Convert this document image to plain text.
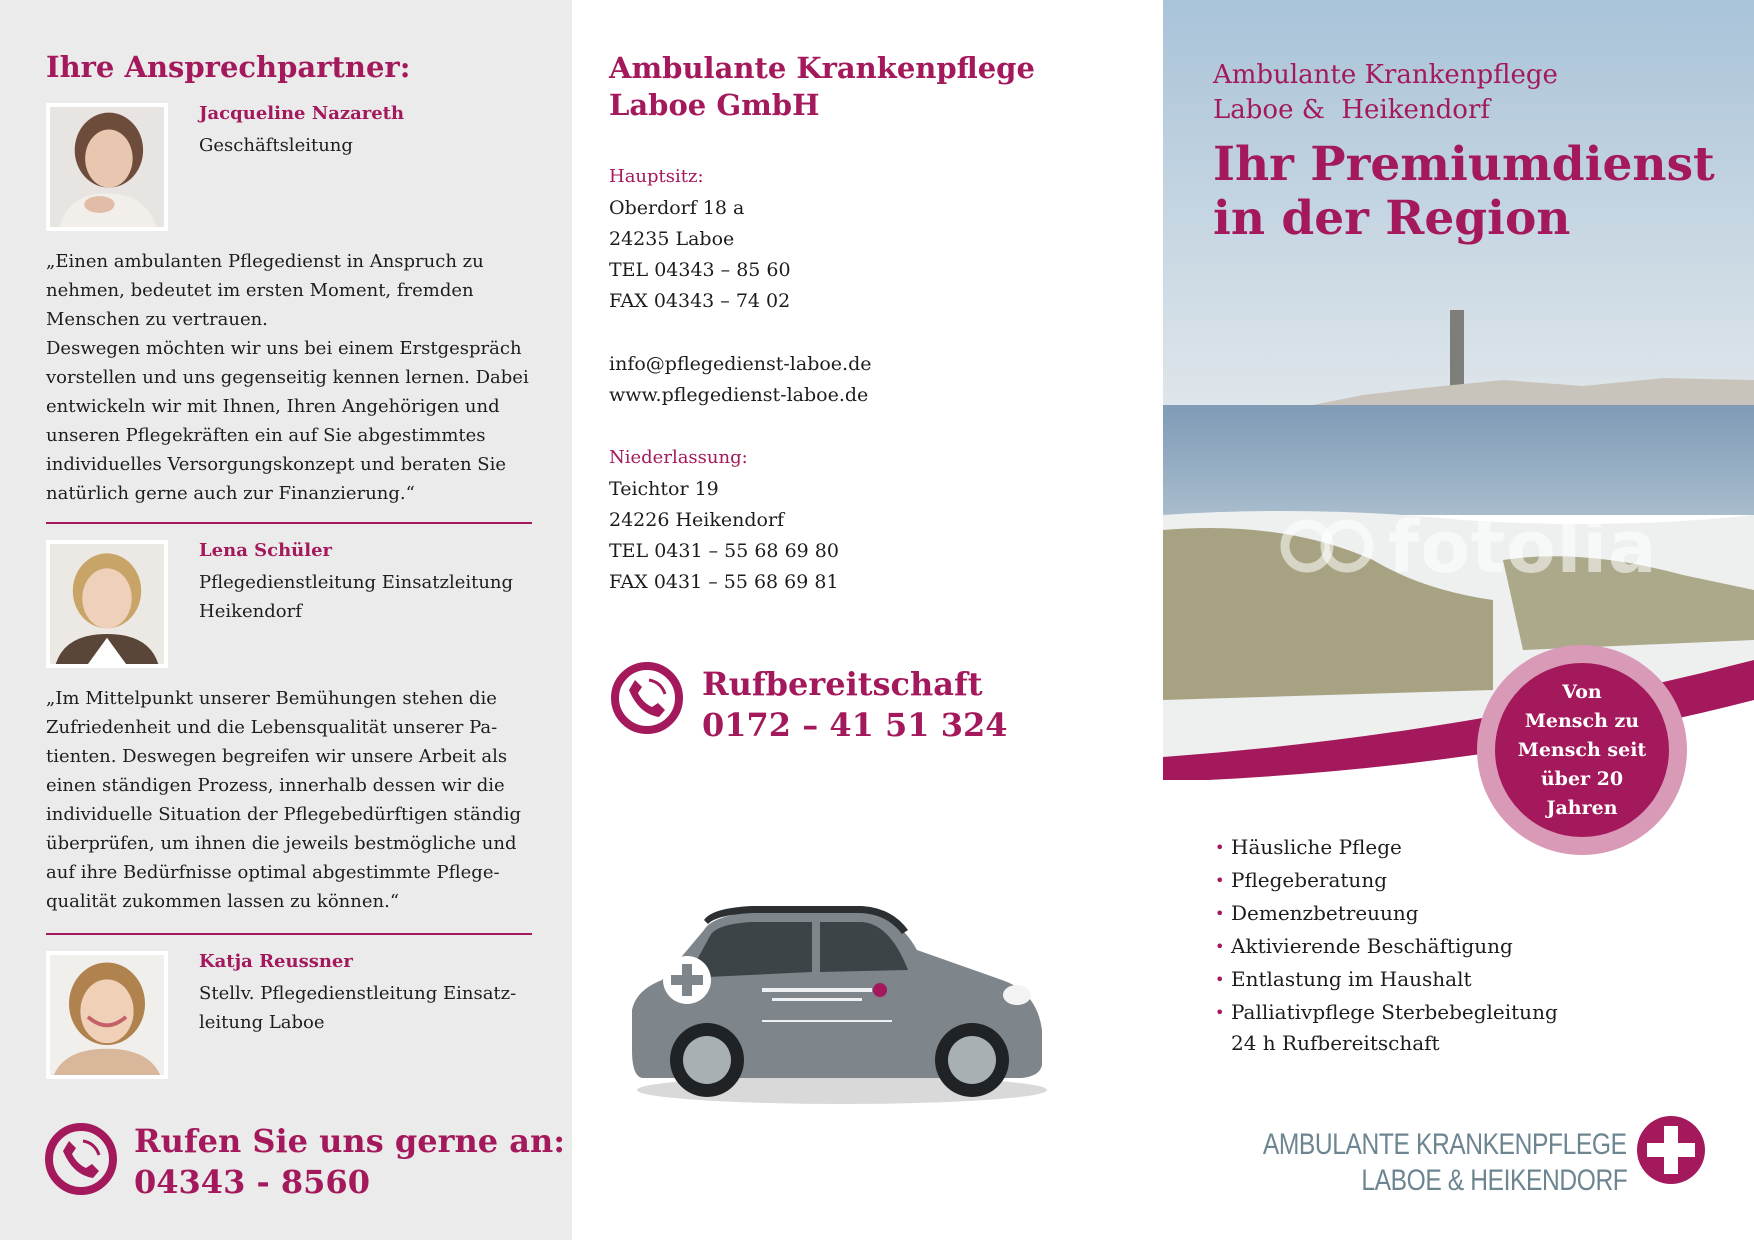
Ihre Ansprechpartner:
Jacqueline Nazareth
Geschäftsleitung

„Einen ambulanten Pflegedienst in Anspruch zu
nehmen, bedeutet im ersten Moment, fremden
Menschen zu vertrauen.
Deswegen möchten wir uns bei einem Erstgespräch
vorstellen und uns gegenseitig kennen lernen. Dabei
entwickeln wir mit Ihnen, Ihren Angehörigen und
unseren Pflegekräften ein auf Sie abgestimmtes
individuelles Versorgungskonzept und beraten Sie
natürlich gerne auch zur Finanzierung.“

Lena Schüler
Pflegedienstleitung Einsatzleitung
Heikendorf

„Im Mittelpunkt unserer Bemühungen stehen die
Zufriedenheit und die Lebensqualität unserer Pa-
tienten. Deswegen begreifen wir unsere Arbeit als
einen ständigen Prozess, innerhalb dessen wir die
individuelle Situation der Pflegebedürftigen ständig
überprüfen, um ihnen die jeweils bestmögliche und
auf ihre Bedürfnisse optimal abgestimmte Pflege-
qualität zukommen lassen zu können.“

Katja Reussner
Stellv. Pflegedienstleitung Einsatz-
leitung Laboe
Rufen Sie uns gerne an:
04343 - 8560
Ambulante Krankenpflege
Laboe GmbH
Hauptsitz:
Oberdorf 18 a
24235 Laboe
TEL 04343 – 85 60
FAX 04343 – 74 02
info@pflegedienst-laboe.de
www.pflegedienst-laboe.de
Niederlassung:
Teichtor 19
24226 Heikendorf
TEL 0431 – 55 68 69 80
FAX 0431 – 55 68 69 81
Rufbereitschaft
0172 – 41 51 324
fotolia
Ambulante Krankenpflege
Laboe &  Heikendorf
Ihr Premiumdienst
in der Region
Von
Mensch zu
Mensch seit
über 20
Jahren
• Häusliche Pflege
• Pflegeberatung
• Demenzbetreuung
• Aktivierende Beschäftigung
• Entlastung im Haushalt
• Palliativpflege Sterbebegleitung
24 h Rufbereitschaft
AMBULANTE KRANKENPFLEGE
LABOE & HEIKENDORF
